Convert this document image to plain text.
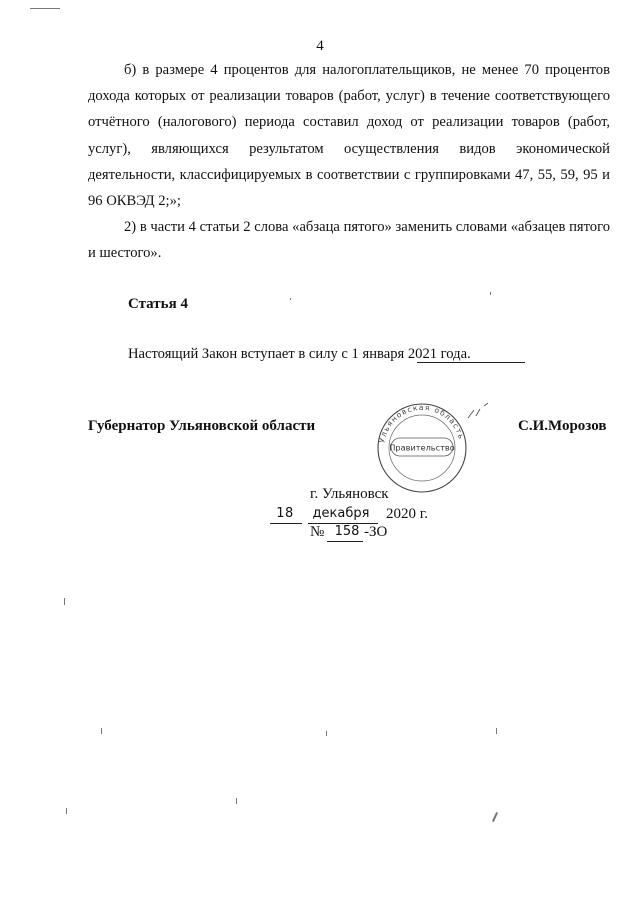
4
б) в размере 4 процентов для налогоплательщиков, не менее 70 процентов дохода которых от реализации товаров (работ, услуг) в течение соответствующего отчётного (налогового) периода составил доход от реализации товаров (работ, услуг), являющихся результатом осуществления видов экономической деятельности, классифицируемых в соответствии с группировками 47, 55, 59, 95 и 96 ОКВЭД 2;»;
2) в части 4 статьи 2 слова «абзаца пятого» заменить словами «абзацев пятого и шестого».
Статья 4
Настоящий Закон вступает в силу с 1 января 2021 года.
Губернатор Ульяновской области	С.И.Морозов
Ульяновская область
Правительство
г. Ульяновск
18	декабря 2020 г.
№ 158 -ЗО
